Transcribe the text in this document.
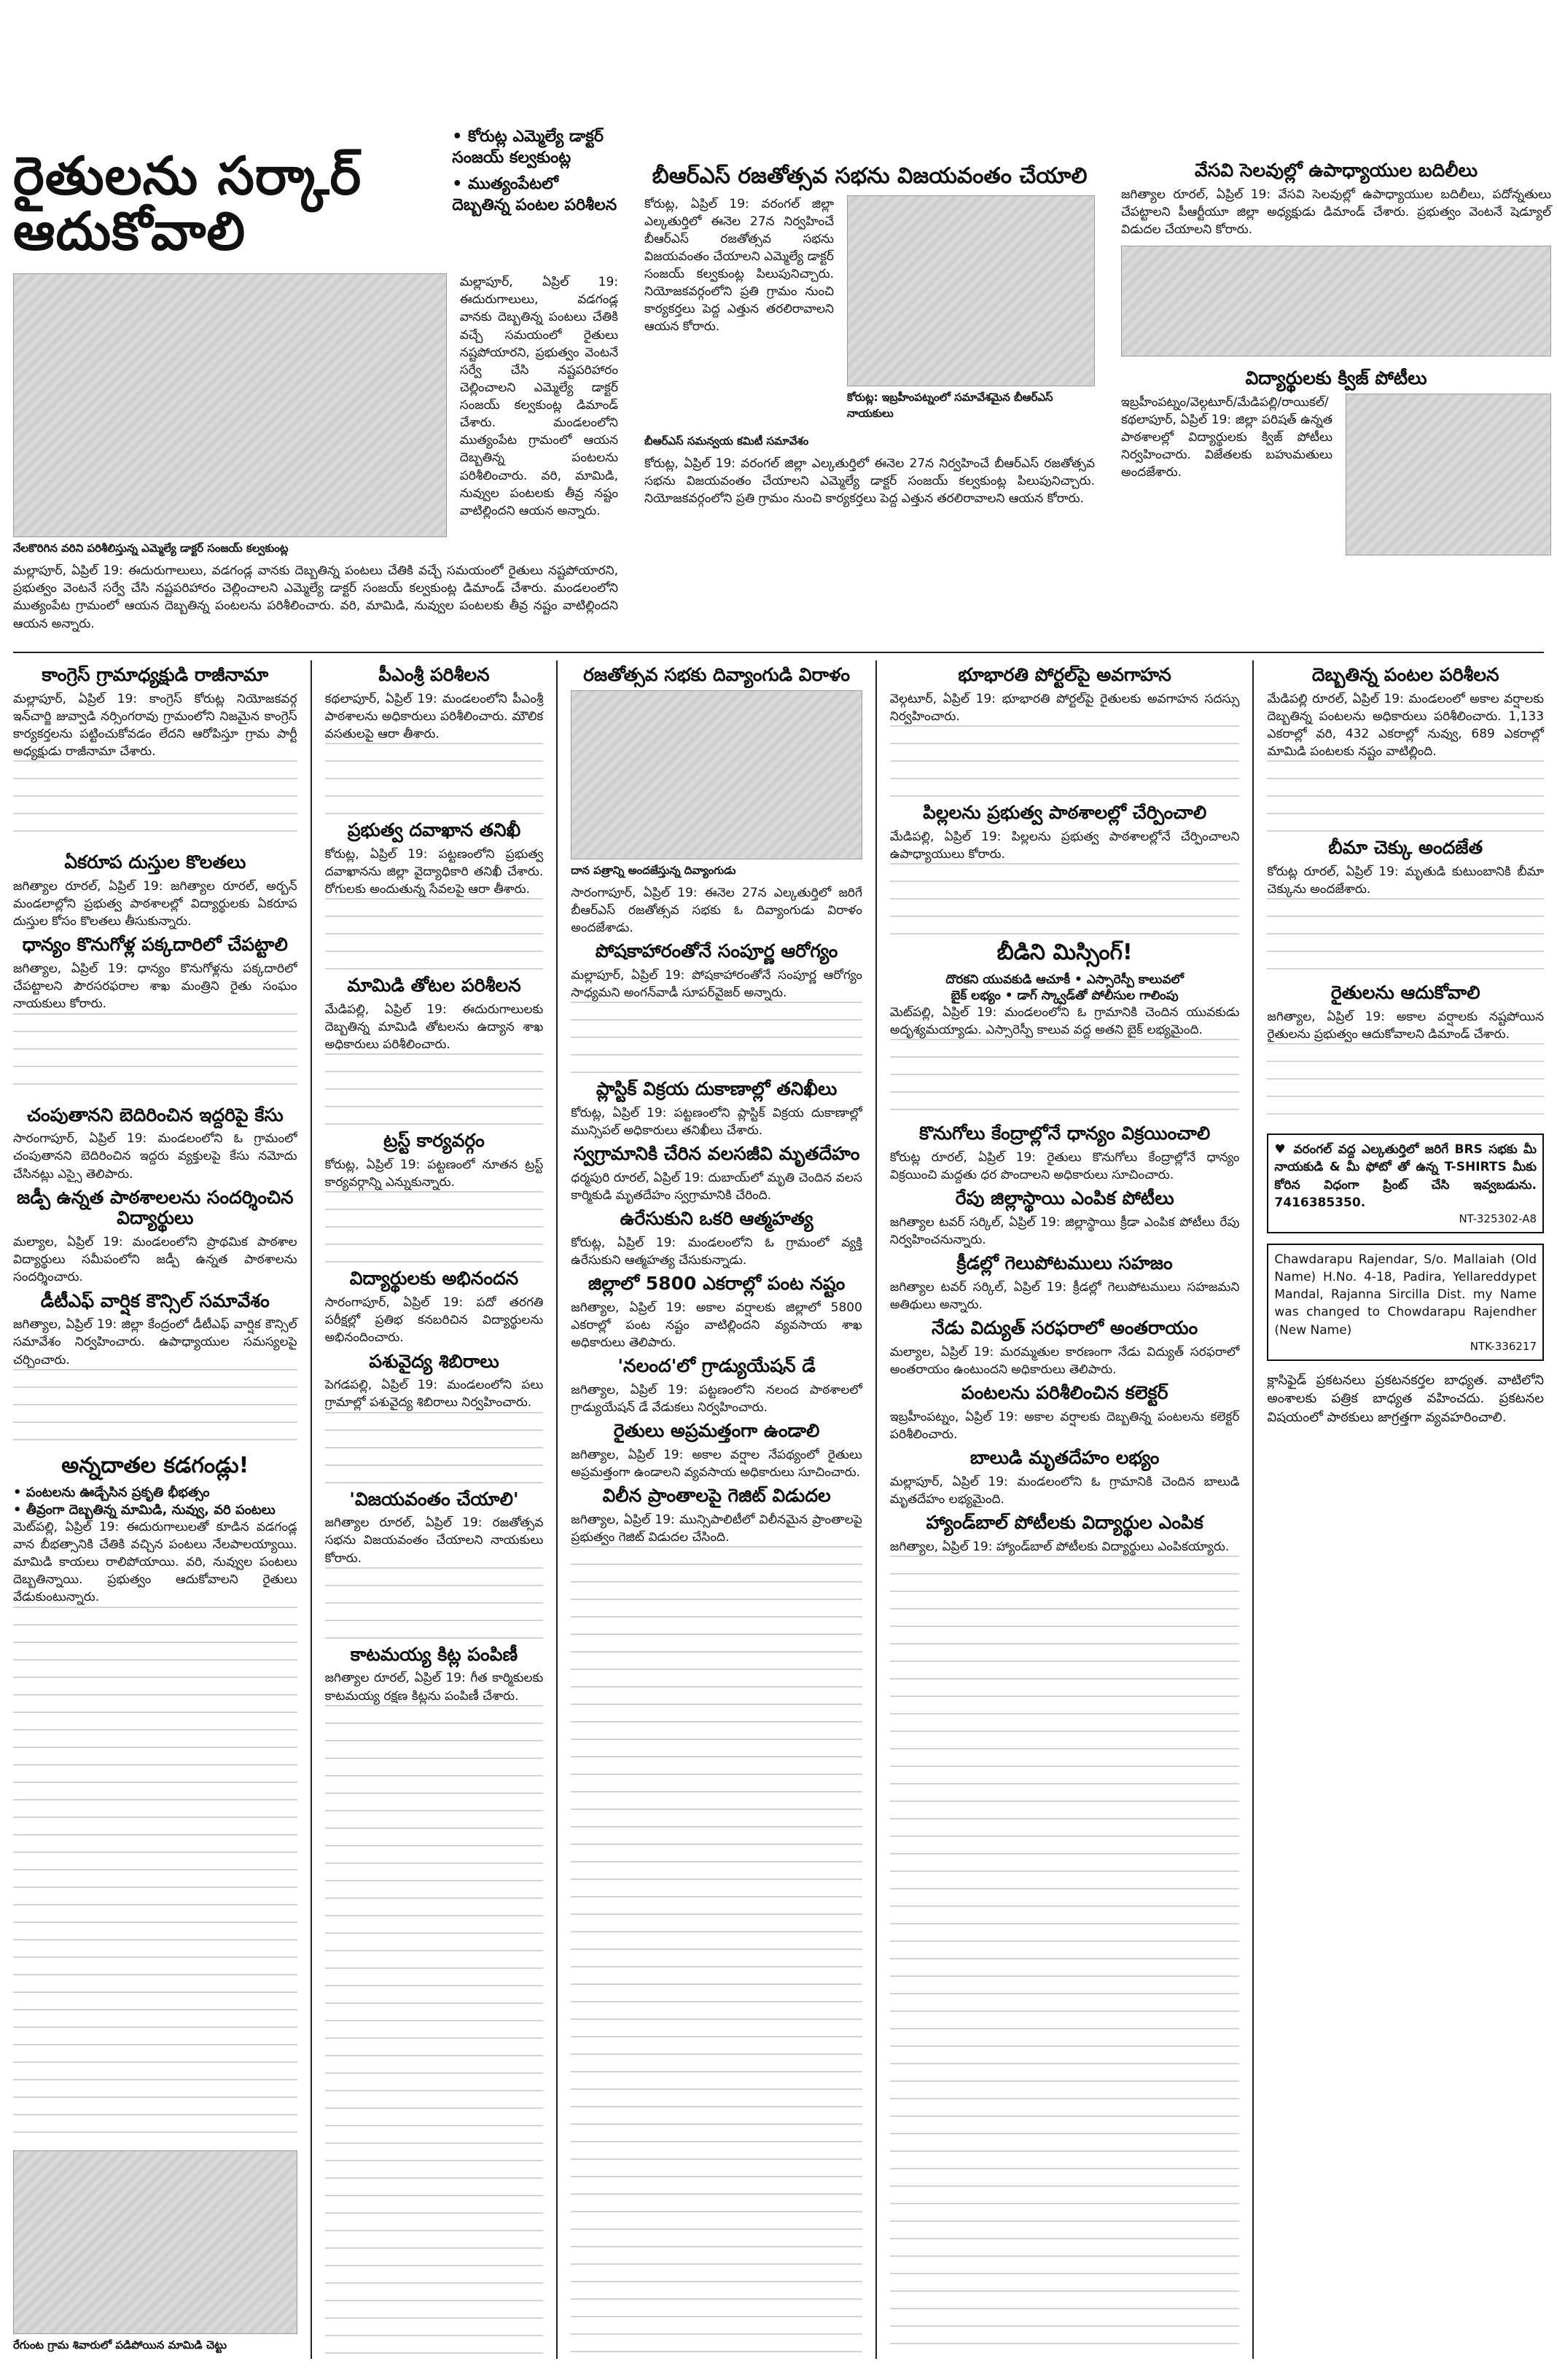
రైతులను సర్కార్ ఆదుకోవాలి
• కోరుట్ల ఎమ్మెల్యే డాక్టర్ సంజయ్ కల్వకుంట్ల
• ముత్యంపేటలో దెబ్బతిన్న పంటల పరిశీలన
మల్లాపూర్, ఏప్రిల్ 19: ఈదురుగాలులు, వడగండ్ల వానకు దెబ్బతిన్న పంటలు చేతికి వచ్చే సమయంలో రైతులు నష్టపోయారని, ప్రభుత్వం వెంటనే సర్వే చేసి నష్టపరిహారం చెల్లించాలని ఎమ్మెల్యే డాక్టర్ సంజయ్ కల్వకుంట్ల డిమాండ్ చేశారు. మండలంలోని ముత్యంపేట గ్రామంలో ఆయన దెబ్బతిన్న పంటలను పరిశీలించారు. వరి, మామిడి, నువ్వుల పంటలకు తీవ్ర నష్టం వాటిల్లిందని ఆయన అన్నారు.
నేలకొరిగిన వరిని పరిశీలిస్తున్న ఎమ్మెల్యే డాక్టర్ సంజయ్ కల్వకుంట్ల
మల్లాపూర్, ఏప్రిల్ 19: ఈదురుగాలులు, వడగండ్ల వానకు దెబ్బతిన్న పంటలు చేతికి వచ్చే సమయంలో రైతులు నష్టపోయారని, ప్రభుత్వం వెంటనే సర్వే చేసి నష్టపరిహారం చెల్లించాలని ఎమ్మెల్యే డాక్టర్ సంజయ్ కల్వకుంట్ల డిమాండ్ చేశారు. మండలంలోని ముత్యంపేట గ్రామంలో ఆయన దెబ్బతిన్న పంటలను పరిశీలించారు. వరి, మామిడి, నువ్వుల పంటలకు తీవ్ర నష్టం వాటిల్లిందని ఆయన అన్నారు.
బీఆర్ఎస్ రజతోత్సవ సభను విజయవంతం చేయాలి
కోరుట్ల, ఏప్రిల్ 19: వరంగల్ జిల్లా ఎల్కతుర్తిలో ఈనెల 27న నిర్వహించే బీఆర్ఎస్ రజతోత్సవ సభను విజయవంతం చేయాలని ఎమ్మెల్యే డాక్టర్ సంజయ్ కల్వకుంట్ల పిలుపునిచ్చారు. నియోజకవర్గంలోని ప్రతి గ్రామం నుంచి కార్యకర్తలు పెద్ద ఎత్తున తరలిరావాలని ఆయన కోరారు.
కోరుట్ల: ఇబ్రహీంపట్నంలో సమావేశమైన బీఆర్ఎస్ నాయకులు
బీఆర్ఎస్ సమన్వయ కమిటీ సమావేశం
కోరుట్ల, ఏప్రిల్ 19: వరంగల్ జిల్లా ఎల్కతుర్తిలో ఈనెల 27న నిర్వహించే బీఆర్ఎస్ రజతోత్సవ సభను విజయవంతం చేయాలని ఎమ్మెల్యే డాక్టర్ సంజయ్ కల్వకుంట్ల పిలుపునిచ్చారు. నియోజకవర్గంలోని ప్రతి గ్రామం నుంచి కార్యకర్తలు పెద్ద ఎత్తున తరలిరావాలని ఆయన కోరారు.
వేసవి సెలవుల్లో ఉపాధ్యాయుల బదిలీలు
జగిత్యాల రూరల్, ఏప్రిల్ 19: వేసవి సెలవుల్లో ఉపాధ్యాయుల బదిలీలు, పదోన్నతులు చేపట్టాలని పీఆర్టీయూ జిల్లా అధ్యక్షుడు డిమాండ్ చేశారు. ప్రభుత్వం వెంటనే షెడ్యూల్ విడుదల చేయాలని కోరారు.
విద్యార్థులకు క్విజ్ పోటీలు
ఇబ్రహీంపట్నం/వెల్గటూర్/మేడిపల్లి/రాయికల్/కథలాపూర్, ఏప్రిల్ 19: జిల్లా పరిషత్ ఉన్నత పాఠశాలల్లో విద్యార్థులకు క్విజ్ పోటీలు నిర్వహించారు. విజేతలకు బహుమతులు అందజేశారు.
కాంగ్రెస్ గ్రామాధ్యక్షుడి రాజీనామా
మల్లాపూర్, ఏప్రిల్ 19: కాంగ్రెస్ కోరుట్ల నియోజకవర్గ ఇన్‌చార్జి జువ్వాడి నర్సింగరావు గ్రామంలోని నిజమైన కాంగ్రెస్ కార్యకర్తలను పట్టించుకోవడం లేదని ఆరోపిస్తూ గ్రామ పార్టీ అధ్యక్షుడు రాజీనామా చేశారు.
ఏకరూప దుస్తుల కొలతలు
జగిత్యాల రూరల్, ఏప్రిల్ 19: జగిత్యాల రూరల్, అర్బన్ మండలాల్లోని ప్రభుత్వ పాఠశాలల్లో విద్యార్థులకు ఏకరూప దుస్తుల కోసం కొలతలు తీసుకున్నారు.
ధాన్యం కొనుగోళ్ల పక్కదారిలో చేపట్టాలి
జగిత్యాల, ఏప్రిల్ 19: ధాన్యం కొనుగోళ్లను పక్కదారిలో చేపట్టాలని పౌరసరఫరాల శాఖ మంత్రిని రైతు సంఘం నాయకులు కోరారు.
చంపుతానని బెదిరించిన ఇద్దరిపై కేసు
సారంగాపూర్, ఏప్రిల్ 19: మండలంలోని ఓ గ్రామంలో చంపుతానని బెదిరించిన ఇద్దరు వ్యక్తులపై కేసు నమోదు చేసినట్లు ఎస్సై తెలిపారు.
జడ్పీ ఉన్నత పాఠశాలలను సందర్శించిన విద్యార్థులు
మల్యాల, ఏప్రిల్ 19: మండలంలోని ప్రాథమిక పాఠశాల విద్యార్థులు సమీపంలోని జడ్పీ ఉన్నత పాఠశాలను సందర్శించారు.
డీటీఎఫ్ వార్షిక కౌన్సిల్ సమావేశం
జగిత్యాల, ఏప్రిల్ 19: జిల్లా కేంద్రంలో డీటీఎఫ్ వార్షిక కౌన్సిల్ సమావేశం నిర్వహించారు. ఉపాధ్యాయుల సమస్యలపై చర్చించారు.
అన్నదాతల కడగండ్లు!
• పంటలను ఊడ్చేసిన ప్రకృతి భీభత్సం
• తీవ్రంగా దెబ్బతిన్న మామిడి, నువ్వు, వరి పంటలు
మెట్‌పల్లి, ఏప్రిల్ 19: ఈదురుగాలులతో కూడిన వడగండ్ల వాన బీభత్సానికి చేతికి వచ్చిన పంటలు నేలపాలయ్యాయి. మామిడి కాయలు రాలిపోయాయి. వరి, నువ్వుల పంటలు దెబ్బతిన్నాయి. ప్రభుత్వం ఆదుకోవాలని రైతులు వేడుకుంటున్నారు.
రేగుంట గ్రామ శివారులో పడిపోయిన మామిడి చెట్టు
పీఎంశ్రీ పరిశీలన
కథలాపూర్, ఏప్రిల్ 19: మండలంలోని పీఎంశ్రీ పాఠశాలను అధికారులు పరిశీలించారు. మౌలిక వసతులపై ఆరా తీశారు.
ప్రభుత్వ దవాఖాన తనిఖీ
కోరుట్ల, ఏప్రిల్ 19: పట్టణంలోని ప్రభుత్వ దవాఖానను జిల్లా వైద్యాధికారి తనిఖీ చేశారు. రోగులకు అందుతున్న సేవలపై ఆరా తీశారు.
మామిడి తోటల పరిశీలన
మేడిపల్లి, ఏప్రిల్ 19: ఈదురుగాలులకు దెబ్బతిన్న మామిడి తోటలను ఉద్యాన శాఖ అధికారులు పరిశీలించారు.
ట్రస్ట్ కార్యవర్గం
కోరుట్ల, ఏప్రిల్ 19: పట్టణంలో నూతన ట్రస్ట్ కార్యవర్గాన్ని ఎన్నుకున్నారు.
విద్యార్థులకు అభినందన
సారంగాపూర్, ఏప్రిల్ 19: పదో తరగతి పరీక్షల్లో ప్రతిభ కనబరిచిన విద్యార్థులను అభినందించారు.
పశువైద్య శిబిరాలు
పెగడపల్లి, ఏప్రిల్ 19: మండలంలోని పలు గ్రామాల్లో పశువైద్య శిబిరాలు నిర్వహించారు.
'విజయవంతం చేయాలి'
జగిత్యాల రూరల్, ఏప్రిల్ 19: రజతోత్సవ సభను విజయవంతం చేయాలని నాయకులు కోరారు.
కాటమయ్య కిట్ల పంపిణీ
జగిత్యాల రూరల్, ఏప్రిల్ 19: గీత కార్మికులకు కాటమయ్య రక్షణ కిట్లను పంపిణీ చేశారు.
రజతోత్సవ సభకు దివ్యాంగుడి విరాళం
దాన పత్రాన్ని అందజేస్తున్న దివ్యాంగుడు
సారంగాపూర్, ఏప్రిల్ 19: ఈనెల 27న ఎల్కతుర్తిలో జరిగే బీఆర్ఎస్ రజతోత్సవ సభకు ఓ దివ్యాంగుడు విరాళం అందజేశాడు.
పోషకాహారంతోనే సంపూర్ణ ఆరోగ్యం
మల్లాపూర్, ఏప్రిల్ 19: పోషకాహారంతోనే సంపూర్ణ ఆరోగ్యం సాధ్యమని అంగన్‌వాడీ సూపర్‌వైజర్ అన్నారు.
ప్లాస్టిక్ విక్రయ దుకాణాల్లో తనిఖీలు
కోరుట్ల, ఏప్రిల్ 19: పట్టణంలోని ప్లాస్టిక్ విక్రయ దుకాణాల్లో మున్సిపల్ అధికారులు తనిఖీలు చేశారు.
స్వగ్రామానికి చేరిన వలసజీవి మృతదేహం
ధర్మపురి రూరల్, ఏప్రిల్ 19: దుబాయ్‌లో మృతి చెందిన వలస కార్మికుడి మృతదేహం స్వగ్రామానికి చేరింది.
ఉరేసుకుని ఒకరి ఆత్మహత్య
కోరుట్ల, ఏప్రిల్ 19: మండలంలోని ఓ గ్రామంలో వ్యక్తి ఉరేసుకుని ఆత్మహత్య చేసుకున్నాడు.
జిల్లాలో 5800 ఎకరాల్లో పంట నష్టం
జగిత్యాల, ఏప్రిల్ 19: అకాల వర్షాలకు జిల్లాలో 5800 ఎకరాల్లో పంట నష్టం వాటిల్లిందని వ్యవసాయ శాఖ అధికారులు తెలిపారు.
'నలంద'లో గ్రాడ్యుయేషన్ డే
జగిత్యాల, ఏప్రిల్ 19: పట్టణంలోని నలంద పాఠశాలలో గ్రాడ్యుయేషన్ డే వేడుకలు నిర్వహించారు.
రైతులు అప్రమత్తంగా ఉండాలి
జగిత్యాల, ఏప్రిల్ 19: అకాల వర్షాల నేపథ్యంలో రైతులు అప్రమత్తంగా ఉండాలని వ్యవసాయ అధికారులు సూచించారు.
విలీన ప్రాంతాలపై గెజిట్ విడుదల
జగిత్యాల, ఏప్రిల్ 19: మున్సిపాలిటీలో విలీనమైన ప్రాంతాలపై ప్రభుత్వం గెజిట్ విడుదల చేసింది.
భూభారతి పోర్టల్‌పై అవగాహన
వెల్గటూర్, ఏప్రిల్ 19: భూభారతి పోర్టల్‌పై రైతులకు అవగాహన సదస్సు నిర్వహించారు.
పిల్లలను ప్రభుత్వ పాఠశాలల్లో చేర్పించాలి
మేడిపల్లి, ఏప్రిల్ 19: పిల్లలను ప్రభుత్వ పాఠశాలల్లోనే చేర్పించాలని ఉపాధ్యాయులు కోరారు.
బీడిని మిస్సింగ్!
దొరకని యువకుడి ఆచూకీ • ఎస్సారెస్పీ కాలువలో
బైక్ లభ్యం • డాగ్ స్క్వాడ్‌తో పోలీసుల గాలింపు
మెట్‌పల్లి, ఏప్రిల్ 19: మండలంలోని ఓ గ్రామానికి చెందిన యువకుడు అదృశ్యమయ్యాడు. ఎస్సారెస్పీ కాలువ వద్ద అతని బైక్ లభ్యమైంది.
కొనుగోలు కేంద్రాల్లోనే ధాన్యం విక్రయించాలి
కోరుట్ల రూరల్, ఏప్రిల్ 19: రైతులు కొనుగోలు కేంద్రాల్లోనే ధాన్యం విక్రయించి మద్దతు ధర పొందాలని అధికారులు సూచించారు.
రేపు జిల్లాస్థాయి ఎంపిక పోటీలు
జగిత్యాల టవర్ సర్కిల్, ఏప్రిల్ 19: జిల్లాస్థాయి క్రీడా ఎంపిక పోటీలు రేపు నిర్వహించనున్నారు.
క్రీడల్లో గెలుపోటములు సహజం
జగిత్యాల టవర్ సర్కిల్, ఏప్రిల్ 19: క్రీడల్లో గెలుపోటములు సహజమని అతిథులు అన్నారు.
నేడు విద్యుత్ సరఫరాలో అంతరాయం
మల్యాల, ఏప్రిల్ 19: మరమ్మతుల కారణంగా నేడు విద్యుత్ సరఫరాలో అంతరాయం ఉంటుందని అధికారులు తెలిపారు.
పంటలను పరిశీలించిన కలెక్టర్
ఇబ్రహీంపట్నం, ఏప్రిల్ 19: అకాల వర్షాలకు దెబ్బతిన్న పంటలను కలెక్టర్ పరిశీలించారు.
బాలుడి మృతదేహం లభ్యం
మల్లాపూర్, ఏప్రిల్ 19: మండలంలోని ఓ గ్రామానికి చెందిన బాలుడి మృతదేహం లభ్యమైంది.
హ్యాండ్‌బాల్ పోటీలకు విద్యార్థుల ఎంపిక
జగిత్యాల, ఏప్రిల్ 19: హ్యాండ్‌బాల్ పోటీలకు విద్యార్థులు ఎంపికయ్యారు.
దెబ్బతిన్న పంటల పరిశీలన
మేడిపల్లి రూరల్, ఏప్రిల్ 19: మండలంలో అకాల వర్షాలకు దెబ్బతిన్న పంటలను అధికారులు పరిశీలించారు. 1,133 ఎకరాల్లో వరి, 432 ఎకరాల్లో నువ్వు, 689 ఎకరాల్లో మామిడి పంటలకు నష్టం వాటిల్లింది.
బీమా చెక్కు అందజేత
కోరుట్ల రూరల్, ఏప్రిల్ 19: మృతుడి కుటుంబానికి బీమా చెక్కును అందజేశారు.
రైతులను ఆదుకోవాలి
జగిత్యాల, ఏప్రిల్ 19: అకాల వర్షాలకు నష్టపోయిన రైతులను ప్రభుత్వం ఆదుకోవాలని డిమాండ్ చేశారు.
♥ వరంగల్ వద్ద ఎల్కతుర్తిలో జరిగే BRS సభకు మీ నాయకుడి & మీ ఫోటో తో ఉన్న T-SHIRTS మీకు కోరిన విధంగా ప్రింట్ చేసి ఇవ్వబడును. 7416385350.
NT-325302-A8
Chawdarapu Rajendar, S/o. Mallaiah (Old Name) H.No. 4-18, Padira, Yellareddypet Mandal, Rajanna Sircilla Dist. my Name was changed to Chowdarapu Rajendher (New Name)
NTK-336217
క్లాసిఫైడ్ ప్రకటనలు ప్రకటనకర్తల బాధ్యత. వాటిలోని అంశాలకు పత్రిక బాధ్యత వహించదు. ప్రకటనల విషయంలో పాఠకులు జాగ్రత్తగా వ్యవహరించాలి.
